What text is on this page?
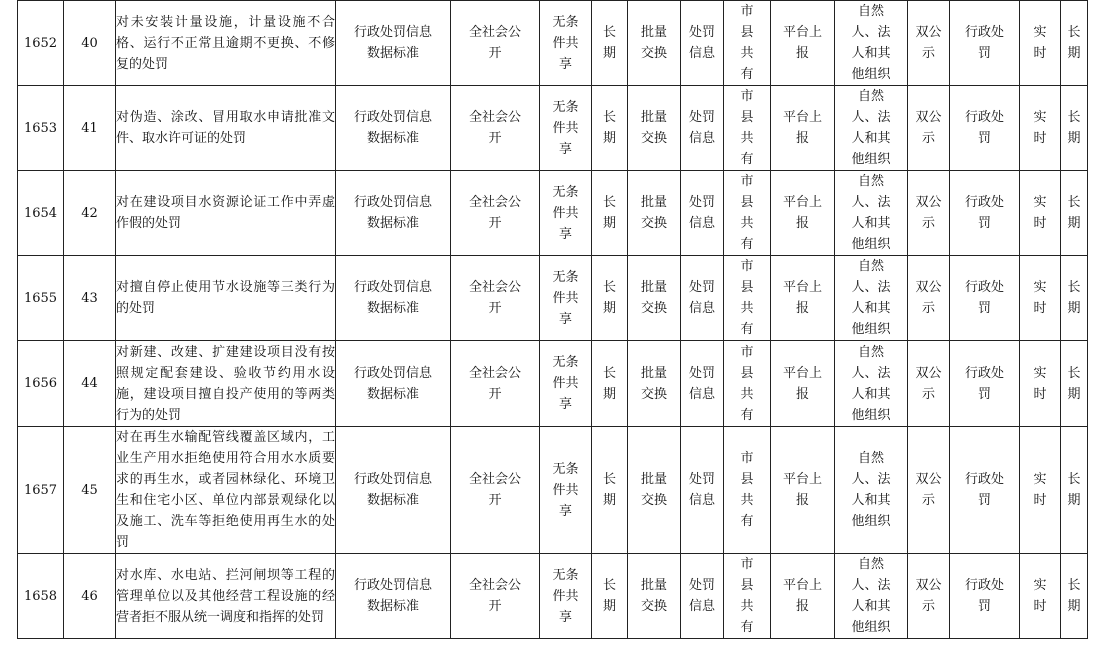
1652	40	对未安装计量设施，计量设施不合格、运行不正常且逾期不更换、不修复的处罚	行政处罚信息
数据标准	全社会公
开	无条
件共
享	长
期	批量
交换	处罚
信息	市
县
共
有	平台上
报	自然
人、法
人和其
他组织	双公
示	行政处
罚	实
时	长
期

1653	41	对伪造、涂改、冒用取水申请批准文件、取水许可证的处罚	行政处罚信息
数据标准	全社会公
开	无条
件共
享	长
期	批量
交换	处罚
信息	市
县
共
有	平台上
报	自然
人、法
人和其
他组织	双公
示	行政处
罚	实
时	长
期

1654	42	对在建设项目水资源论证工作中弄虚作假的处罚	行政处罚信息
数据标准	全社会公
开	无条
件共
享	长
期	批量
交换	处罚
信息	市
县
共
有	平台上
报	自然
人、法
人和其
他组织	双公
示	行政处
罚	实
时	长
期

1655	43	对擅自停止使用节水设施等三类行为的处罚	行政处罚信息
数据标准	全社会公
开	无条
件共
享	长
期	批量
交换	处罚
信息	市
县
共
有	平台上
报	自然
人、法
人和其
他组织	双公
示	行政处
罚	实
时	长
期

1656	44	对新建、改建、扩建建设项目没有按照规定配套建设、验收节约用水设施，建设项目擅自投产使用的等两类行为的处罚	行政处罚信息
数据标准	全社会公
开	无条
件共
享	长
期	批量
交换	处罚
信息	市
县
共
有	平台上
报	自然
人、法
人和其
他组织	双公
示	行政处
罚	实
时	长
期

1657	45	对在再生水输配管线覆盖区域内，工业生产用水拒绝使用符合用水水质要求的再生水，或者园林绿化、环境卫生和住宅小区、单位内部景观绿化以及施工、洗车等拒绝使用再生水的处罚	行政处罚信息
数据标准	全社会公
开	无条
件共
享	长
期	批量
交换	处罚
信息	市
县
共
有	平台上
报	自然
人、法
人和其
他组织	双公
示	行政处
罚	实
时	长
期

1658	46	对水库、水电站、拦河闸坝等工程的管理单位以及其他经营工程设施的经营者拒不服从统一调度和指挥的处罚	行政处罚信息
数据标准	全社会公
开	无条
件共
享	长
期	批量
交换	处罚
信息	市
县
共
有	平台上
报	自然
人、法
人和其
他组织	双公
示	行政处
罚	实
时	长
期
